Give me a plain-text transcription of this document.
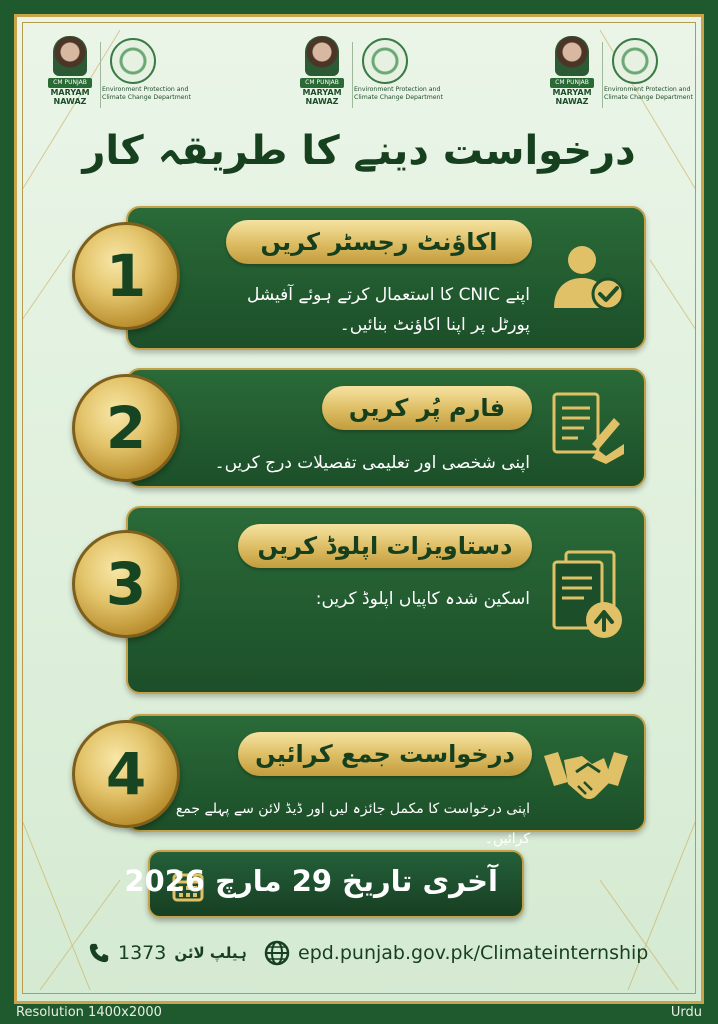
CM PUNJAB
MARYAM
NAWAZ
Environment Protection and Climate Change Department
CM PUNJAB
MARYAM
NAWAZ
Environment Protection and Climate Change Department
CM PUNJAB
MARYAM
NAWAZ
Environment Protection and Climate Change Department
درخواست دینے کا طریقہ کار
1	اکاؤنٹ رجسٹر کریں
اپنے CNIC کا استعمال کرتے ہوئے آفیشل
پورٹل پر اپنا اکاؤنٹ بنائیں۔
2	فارم پُر کریں
اپنی شخصی اور تعلیمی تفصیلات درج کریں۔
3
دستاویزات اپلوڈ کریں
اسکین شدہ کاپیاں اپلوڈ کریں:
4	درخواست جمع کرائیں
اپنی درخواست کا مکمل جائزہ لیں اور ڈیڈ لائن سے پہلے جمع کرائیں۔
آخری تاریخ 29 مارچ 2026
1373 ہیلپ لائن	epd.punjab.gov.pk/Climateinternship
Resolution 1400x2000	Urdu
